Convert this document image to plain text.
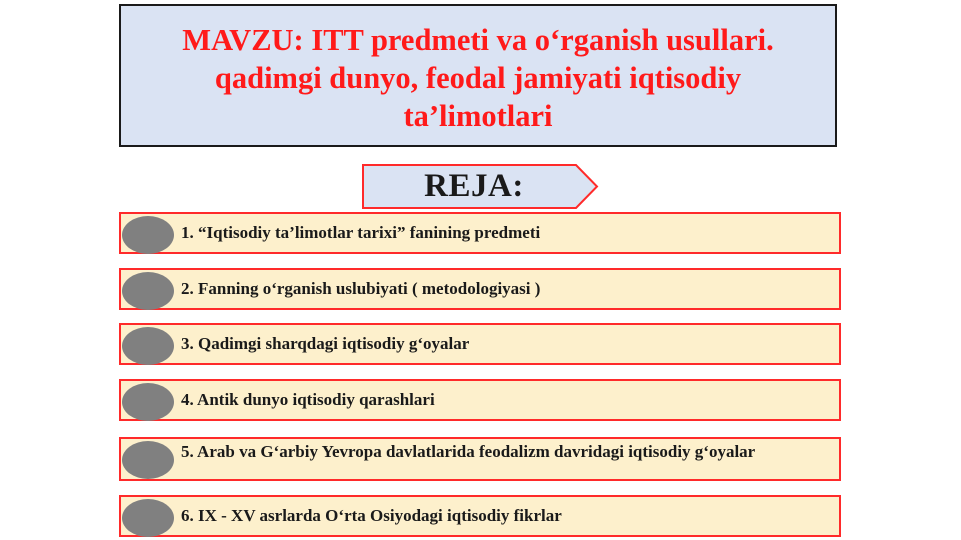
MAVZU: ITT predmeti va o‘rganish usullari.
qadimgi dunyo, feodal jamiyati iqtisodiy
ta’limotlari
REJA:
1. “Iqtisodiy ta’limotlar tarixi” fanining predmeti
2. Fanning o‘rganish uslubiyati ( metodologiyasi )
3. Qadimgi sharqdagi iqtisodiy g‘oyalar
4. Antik dunyo iqtisodiy qarashlari
5. Arab va G‘arbiy Yevropa davlatlarida feodalizm davridagi iqtisodiy g‘oyalar
6. IX - XV asrlarda O‘rta Osiyodagi iqtisodiy fikrlar
